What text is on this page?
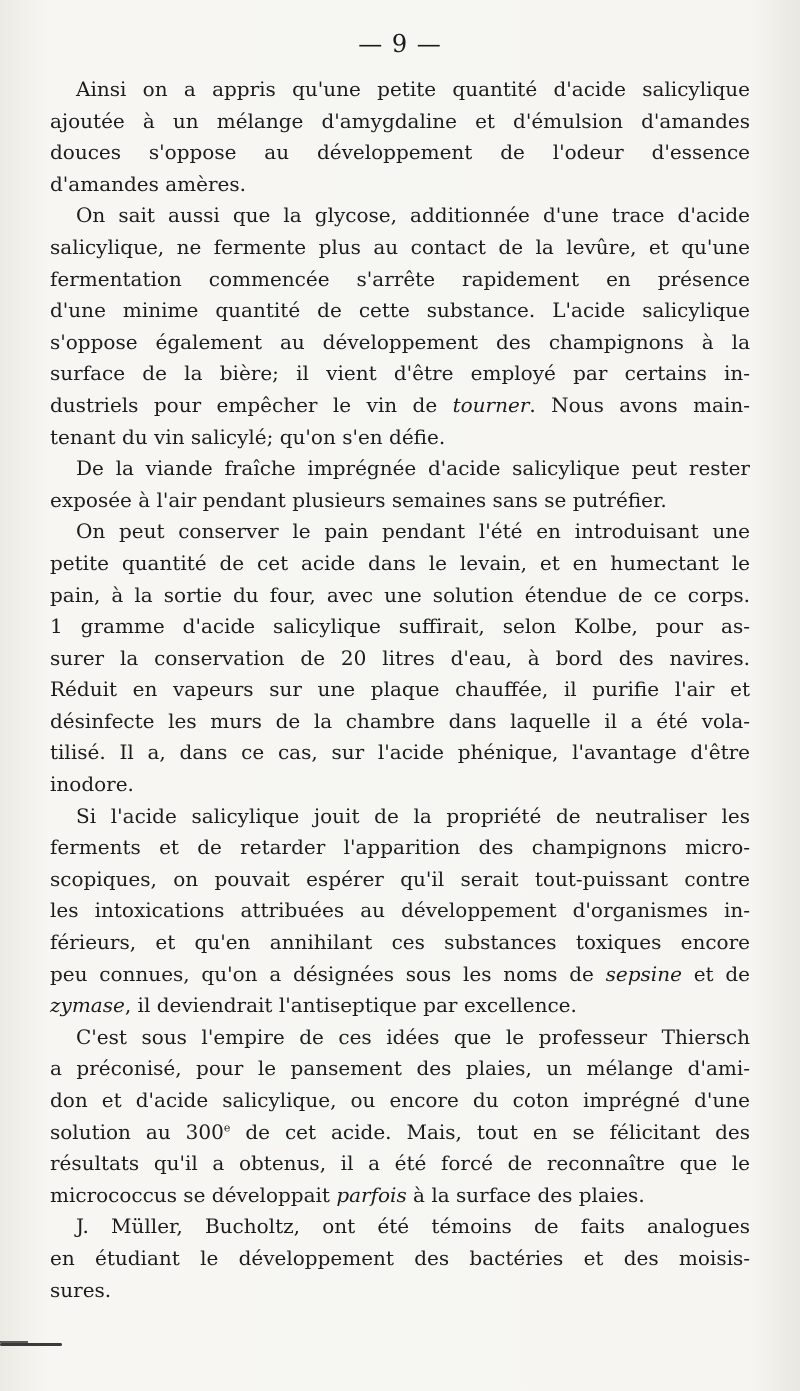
— 9 —
Ainsi on a appris qu'une petite quantité d'acide salicylique
ajoutée à un mélange d'amygdaline et d'émulsion d'amandes
douces s'oppose au développement de l'odeur d'essence
d'amandes amères.
On sait aussi que la glycose, additionnée d'une trace d'acide
salicylique, ne fermente plus au contact de la levûre, et qu'une
fermentation commencée s'arrête rapidement en présence
d'une minime quantité de cette substance. L'acide salicylique
s'oppose également au développement des champignons à la
surface de la bière; il vient d'être employé par certains in-
dustriels pour empêcher le vin de tourner. Nous avons main-
tenant du vin salicylé; qu'on s'en défie.
De la viande fraîche imprégnée d'acide salicylique peut rester
exposée à l'air pendant plusieurs semaines sans se putréfier.
On peut conserver le pain pendant l'été en introduisant une
petite quantité de cet acide dans le levain, et en humectant le
pain, à la sortie du four, avec une solution étendue de ce corps.
1 gramme d'acide salicylique suffirait, selon Kolbe, pour as-
surer la conservation de 20 litres d'eau, à bord des navires.
Réduit en vapeurs sur une plaque chauffée, il purifie l'air et
désinfecte les murs de la chambre dans laquelle il a été vola-
tilisé. Il a, dans ce cas, sur l'acide phénique, l'avantage d'être
inodore.
Si l'acide salicylique jouit de la propriété de neutraliser les
ferments et de retarder l'apparition des champignons micro-
scopiques, on pouvait espérer qu'il serait tout-puissant contre
les intoxications attribuées au développement d'organismes in-
férieurs, et qu'en annihilant ces substances toxiques encore
peu connues, qu'on a désignées sous les noms de sepsine et de
zymase, il deviendrait l'antiseptique par excellence.
C'est sous l'empire de ces idées que le professeur Thiersch
a préconisé, pour le pansement des plaies, un mélange d'ami-
don et d'acide salicylique, ou encore du coton imprégné d'une
solution au 300e de cet acide. Mais, tout en se félicitant des
résultats qu'il a obtenus, il a été forcé de reconnaître que le
micrococcus se développait parfois à la surface des plaies.
J. Müller, Bucholtz, ont été témoins de faits analogues
en étudiant le développement des bactéries et des moisis-
sures.
